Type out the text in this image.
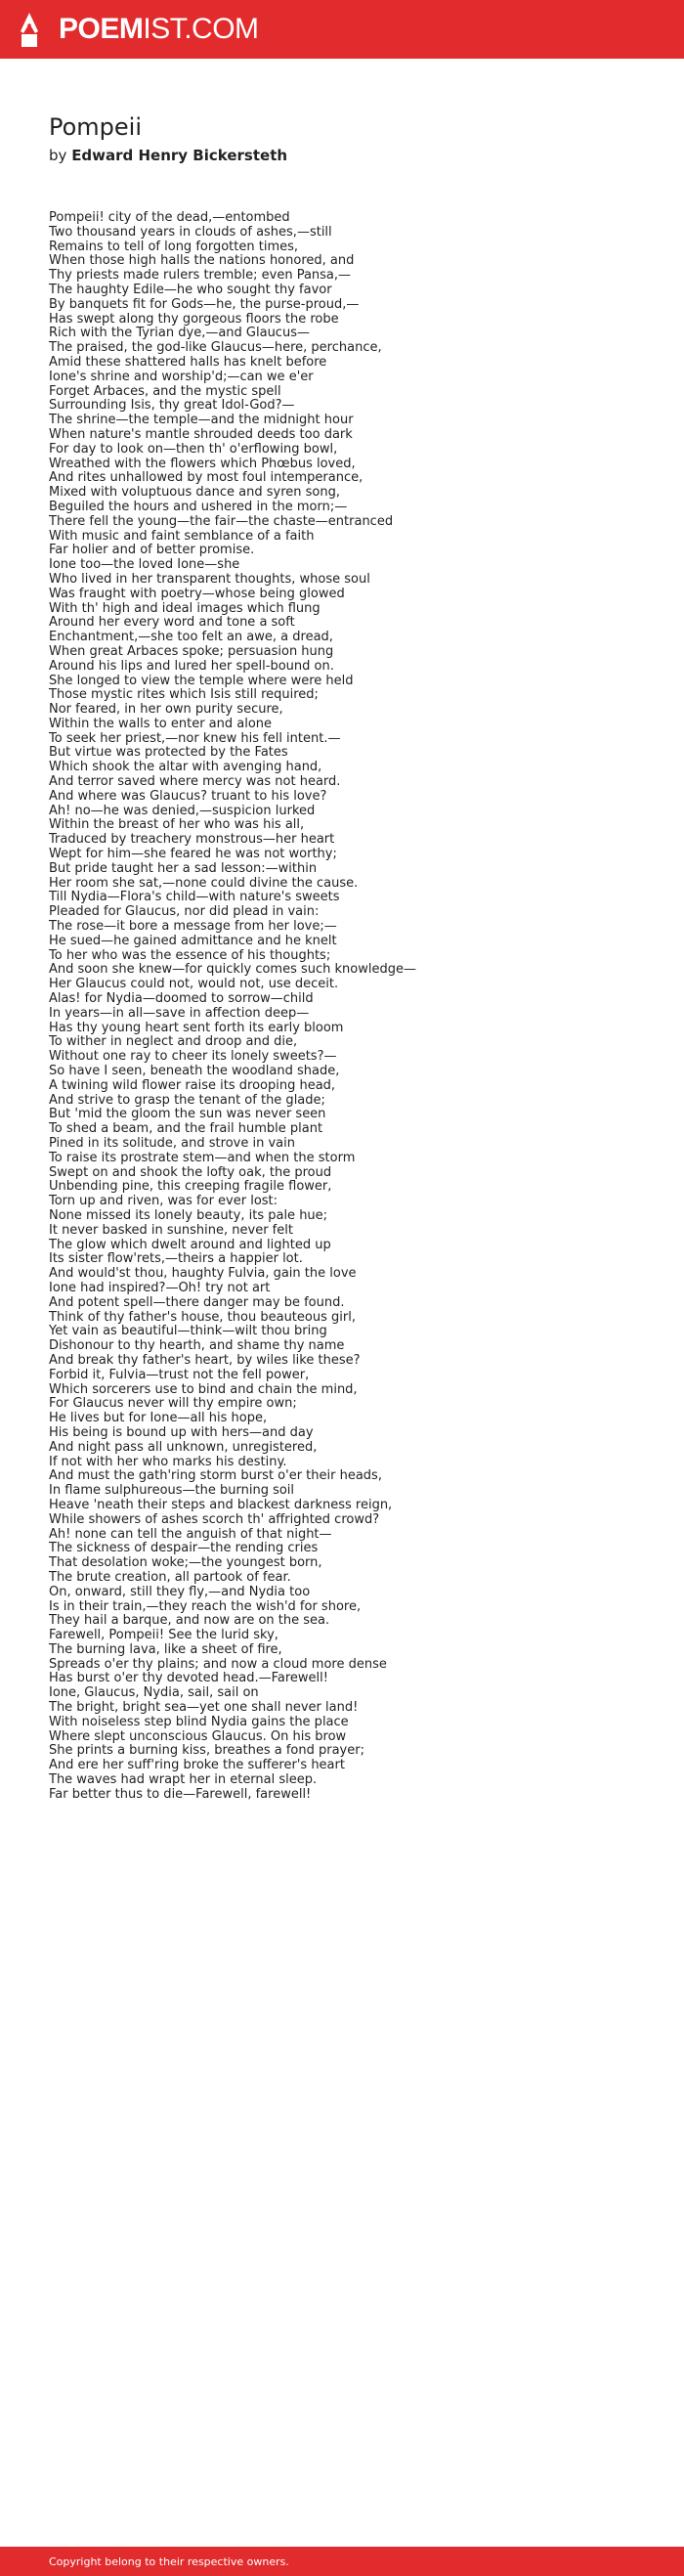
POEMIST.COM
Pompeii
by Edward Henry Bickersteth
Pompeii! city of the dead,—entombed
Two thousand years in clouds of ashes,—still
Remains to tell of long forgotten times,
When those high halls the nations honored, and
Thy priests made rulers tremble; even Pansa,—
The haughty Edile—he who sought thy favor
By banquets fit for Gods—he, the purse-proud,—
Has swept along thy gorgeous floors the robe
Rich with the Tyrian dye,—and Glaucus—
The praised, the god-like Glaucus—here, perchance,
Amid these shattered halls has knelt before
Ione's shrine and worship'd;—can we e'er
Forget Arbaces, and the mystic spell
Surrounding Isis, thy great Idol-God?—
The shrine—the temple—and the midnight hour
When nature's mantle shrouded deeds too dark
For day to look on—then th' o'erflowing bowl,
Wreathed with the flowers which Phœbus loved,
And rites unhallowed by most foul intemperance,
Mixed with voluptuous dance and syren song,
Beguiled the hours and ushered in the morn;—
There fell the young—the fair—the chaste—entranced
With music and faint semblance of a faith
Far holier and of better promise.
Ione too—the loved Ione—she
Who lived in her transparent thoughts, whose soul
Was fraught with poetry—whose being glowed
With th' high and ideal images which flung
Around her every word and tone a soft
Enchantment,—she too felt an awe, a dread,
When great Arbaces spoke; persuasion hung
Around his lips and lured her spell-bound on.
She longed to view the temple where were held
Those mystic rites which Isis still required;
Nor feared, in her own purity secure,
Within the walls to enter and alone
To seek her priest,—nor knew his fell intent.—
But virtue was protected by the Fates
Which shook the altar with avenging hand,
And terror saved where mercy was not heard.
And where was Glaucus? truant to his love?
Ah! no—he was denied,—suspicion lurked
Within the breast of her who was his all,
Traduced by treachery monstrous—her heart
Wept for him—she feared he was not worthy;
But pride taught her a sad lesson:—within
Her room she sat,—none could divine the cause.
Till Nydia—Flora's child—with nature's sweets
Pleaded for Glaucus, nor did plead in vain:
The rose—it bore a message from her love;—
He sued—he gained admittance and he knelt
To her who was the essence of his thoughts;
And soon she knew—for quickly comes such knowledge—
Her Glaucus could not, would not, use deceit.
Alas! for Nydia—doomed to sorrow—child
In years—in all—save in affection deep—
Has thy young heart sent forth its early bloom
To wither in neglect and droop and die,
Without one ray to cheer its lonely sweets?—
So have I seen, beneath the woodland shade,
A twining wild flower raise its drooping head,
And strive to grasp the tenant of the glade;
But 'mid the gloom the sun was never seen
To shed a beam, and the frail humble plant
Pined in its solitude, and strove in vain
To raise its prostrate stem—and when the storm
Swept on and shook the lofty oak, the proud
Unbending pine, this creeping fragile flower,
Torn up and riven, was for ever lost:
None missed its lonely beauty, its pale hue;
It never basked in sunshine, never felt
The glow which dwelt around and lighted up
Its sister flow'rets,—theirs a happier lot.
And would'st thou, haughty Fulvia, gain the love
Ione had inspired?—Oh! try not art
And potent spell—there danger may be found.
Think of thy father's house, thou beauteous girl,
Yet vain as beautiful—think—wilt thou bring
Dishonour to thy hearth, and shame thy name
And break thy father's heart, by wiles like these?
Forbid it, Fulvia—trust not the fell power,
Which sorcerers use to bind and chain the mind,
For Glaucus never will thy empire own;
He lives but for Ione—all his hope,
His being is bound up with hers—and day
And night pass all unknown, unregistered,
If not with her who marks his destiny.
And must the gath'ring storm burst o'er their heads,
In flame sulphureous—the burning soil
Heave 'neath their steps and blackest darkness reign,
While showers of ashes scorch th' affrighted crowd?
Ah! none can tell the anguish of that night—
The sickness of despair—the rending cries
That desolation woke;—the youngest born,
The brute creation, all partook of fear.
On, onward, still they fly,—and Nydia too
Is in their train,—they reach the wish'd for shore,
They hail a barque, and now are on the sea.
Farewell, Pompeii! See the lurid sky,
The burning lava, like a sheet of fire,
Spreads o'er thy plains; and now a cloud more dense
Has burst o'er thy devoted head.—Farewell!
Ione, Glaucus, Nydia, sail, sail on
The bright, bright sea—yet one shall never land!
With noiseless step blind Nydia gains the place
Where slept unconscious Glaucus. On his brow
She prints a burning kiss, breathes a fond prayer;
And ere her suff'ring broke the sufferer's heart
The waves had wrapt her in eternal sleep.
Far better thus to die—Farewell, farewell!
Copyright belong to their respective owners.
